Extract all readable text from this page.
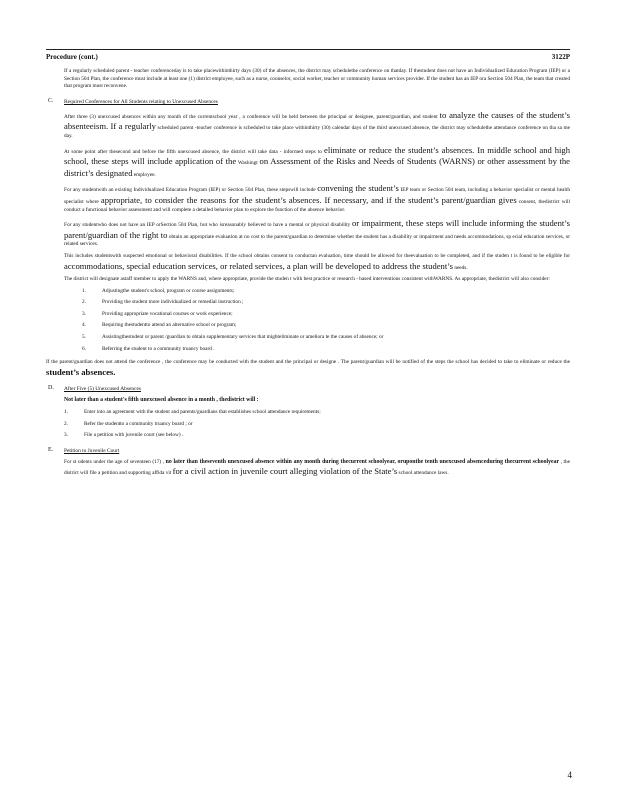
Procedure (cont.)	3122P

If a regularly scheduled parent - teacher conferenceday is to take placewithinthirty days (30) of the absences, the district may schedulethe conference on thatday. If thestudent does not have an Individualized Education Program (IEP) or a Section 504 Plan, the conference must include at least one (1) district employee, such as a nurse, counselor, social worker, teacher or community human services provider. If the student has an IEP ora Section 504 Plan, the team that created that program must reconvene.

C. Required Conferences for All Students relating to Unexcused Absences

After three (3) unexcused absences within any month of the currentschool year , a conference will be held between the principal or designee, parent/guardian, and student to analyze the causes of the student’s absenteeism. If a regularly scheduled parent -teacher conference is scheduled to take place withinthirty (30) calendar days of the third unexcused absence, the district may schedulethe attendance conference on tha sa me day.

At some point after thesecond and before the fifth unexcused absence, the district will take data - informed steps to eliminate or reduce the student’s absences. In middle school and high school, these steps will include application of the Washingt on Assessment of the Risks and Needs of Students (WARNS) or other assessment by the district’s designated employee.

For any studentwith an existing Individualized Education Program (IEP) or Section 504 Plan, these stepswill include convening the student’s IEP team or Section 504 team, including a behavior specialist or mental health specialist where appropriate, to consider the reasons for the student’s absences. If necessary, and if the student’s parent/guardian gives consent, thedistrict will conduct a functional behavior assessment and will complete a detailed behavior plan to explore the function of the absence behavior.

For any studentwho does not have an IEP orSection 504 Plan, but who isreasonably believed to have a mental or physical disability or impairment, these steps will include informing the student’s parent/guardian of the right to obtain an appropriate evaluation at no cost to the parent/guardian to determine whether the student has a disability or impairment and needs accommodations, sp ecial education services, or related services.

This includes studentswith suspected emotional or behavioral disabilities. If the school obtains consent to conductan evaluation, time should be allowed for theevaluation to be completed, and if the studen t is found to be eligible for accommodations, special education services, or related services, a plan will be developed to address the student’s needs.

The district will designate astaff member to apply the WARNS and, where appropriate, provide the studen t with best practice or research - based interventions consistent withWARNS. As appropriate, thedistrict will also consider:

1.	Adjustingthe student's school, program or course assignments;
2.	Providing the student more individualized or remedial instruction ;
3.	Providing appropriate vocational courses or work experience;
4.	Requiring thestudentto attend an alternative school or program;
5.	Assistingthestudent or parent /guardian to obtain supplementary services that mighteliminate or ameliora te the causes of absence; or
6.	Referring the student to a community truancy board .

If the parent/guardian does not attend the conference , the conference may be conducted with the student and the principal or designe . The parent/guardian will be notified of the steps the school has decided to take to eliminate or reduce the student’s absences.

D. After Five (5) Unexcused Absences

Not later than a student's fifth unexcused absence in a month , thedistrict will :

1.	Enter into an agreement with the student and parents/guardians that establishes school attendance requirements;
2.	Refer the studentto a community truancy board ; or
3.	File a petition with juvenile court (see below) .
E. Petition to Juvenile Court

For st udents under the age of seventeen (17) , no later than theseventh unexcused absence within any month during thecurrent schoolyear, oruponthe tenth unexcused absenceduring thecurrent schoolyear , the district will file a petition and supporting affida vit for a civil action in juvenile court alleging violation of the State’s school attendance laws.

4
